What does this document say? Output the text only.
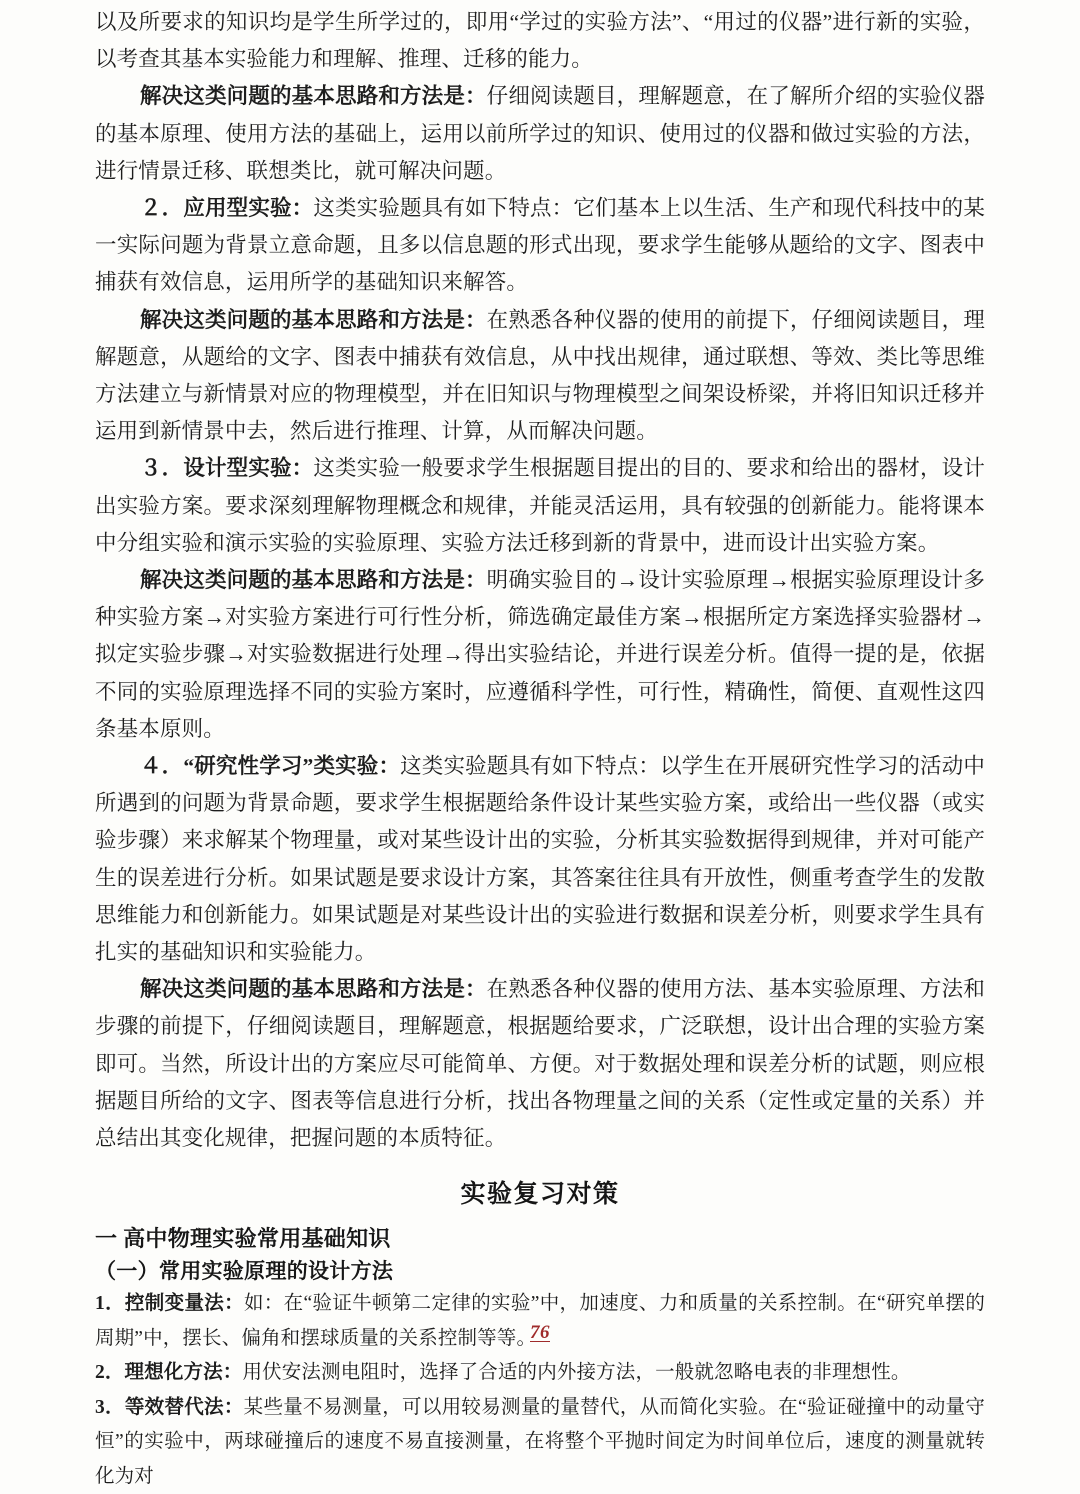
以及所要求的知识均是学生所学过的，即用“学过的实验方法”、“用过的仪器”进行新的实验，以考查其基本实验能力和理解、推理、迁移的能力。

解决这类问题的基本思路和方法是：仔细阅读题目，理解题意，在了解所介绍的实验仪器的基本原理、使用方法的基础上，运用以前所学过的知识、使用过的仪器和做过实验的方法，进行情景迁移、联想类比，就可解决问题。

２．应用型实验：这类实验题具有如下特点：它们基本上以生活、生产和现代科技中的某一实际问题为背景立意命题，且多以信息题的形式出现，要求学生能够从题给的文字、图表中捕获有效信息，运用所学的基础知识来解答。

解决这类问题的基本思路和方法是：在熟悉各种仪器的使用的前提下，仔细阅读题目，理解题意，从题给的文字、图表中捕获有效信息，从中找出规律，通过联想、等效、类比等思维方法建立与新情景对应的物理模型，并在旧知识与物理模型之间架设桥梁，并将旧知识迁移并运用到新情景中去，然后进行推理、计算，从而解决问题。

３．设计型实验：这类实验一般要求学生根据题目提出的目的、要求和给出的器材，设计出实验方案。要求深刻理解物理概念和规律，并能灵活运用，具有较强的创新能力。能将课本中分组实验和演示实验的实验原理、实验方法迁移到新的背景中，进而设计出实验方案。

解决这类问题的基本思路和方法是：明确实验目的→设计实验原理→根据实验原理设计多种实验方案→对实验方案进行可行性分析，筛选确定最佳方案→根据所定方案选择实验器材→拟定实验步骤→对实验数据进行处理→得出实验结论，并进行误差分析。值得一提的是，依据不同的实验原理选择不同的实验方案时，应遵循科学性，可行性，精确性，简便、直观性这四条基本原则。

４．“研究性学习”类实验：这类实验题具有如下特点：以学生在开展研究性学习的活动中所遇到的问题为背景命题，要求学生根据题给条件设计某些实验方案，或给出一些仪器（或实验步骤）来求解某个物理量，或对某些设计出的实验，分析其实验数据得到规律，并对可能产生的误差进行分析。如果试题是要求设计方案，其答案往往具有开放性，侧重考查学生的发散思维能力和创新能力。如果试题是对某些设计出的实验进行数据和误差分析，则要求学生具有扎实的基础知识和实验能力。

解决这类问题的基本思路和方法是：在熟悉各种仪器的使用方法、基本实验原理、方法和步骤的前提下，仔细阅读题目，理解题意，根据题给要求，广泛联想，设计出合理的实验方案即可。当然，所设计出的方案应尽可能简单、方便。对于数据处理和误差分析的试题，则应根据题目所给的文字、图表等信息进行分析，找出各物理量之间的关系（定性或定量的关系）并总结出其变化规律，把握问题的本质特征。

实验复习对策
一 高中物理实验常用基础知识
（一）常用实验原理的设计方法

1．控制变量法：如：在“验证牛顿第二定律的实验”中，加速度、力和质量的关系控制。在“研究单摆的周期”中，摆长、偏角和摆球质量的关系控制等等。

2．理想化方法：用伏安法测电阻时，选择了合适的内外接方法，一般就忽略电表的非理想性。

3．等效替代法：某些量不易测量，可以用较易测量的量替代，从而简化实验。在“验证碰撞中的动量守恒”的实验中，两球碰撞后的速度不易直接测量，在将整个平抛时间定为时间单位后，速度的测量就转化为对

76
